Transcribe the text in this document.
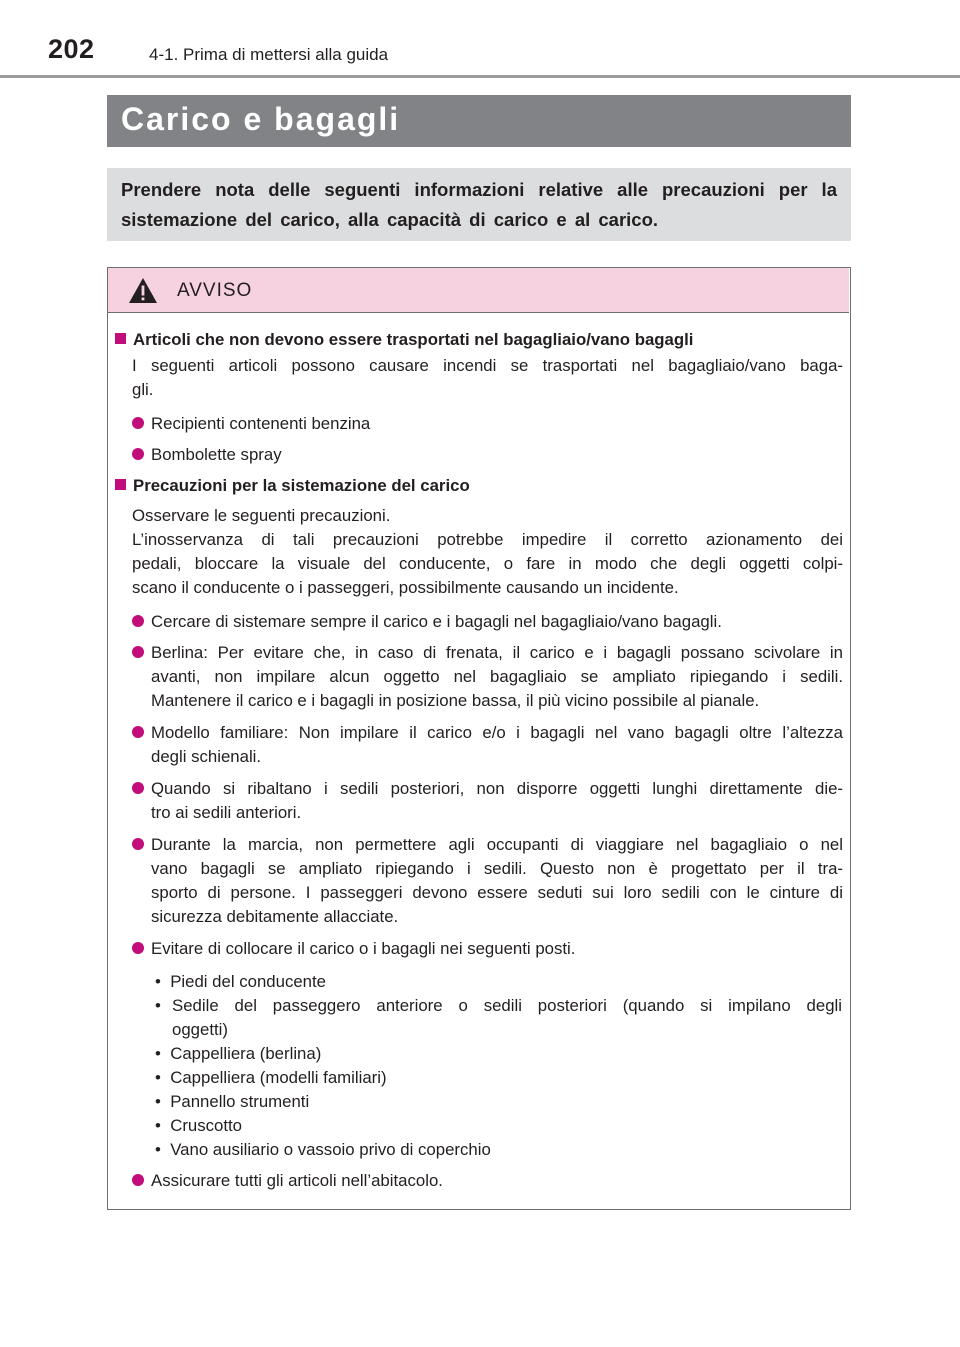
202	4-1. Prima di mettersi alla guida
Carico e bagagli
Prendere nota delle seguenti informazioni relative alle precauzioni per la sistemazione del carico, alla capacità di carico e al carico.
AVVISO
Articoli che non devono essere trasportati nel bagagliaio/vano bagagli
I seguenti articoli possono causare incendi se trasportati nel bagagliaio/vano baga-
gli.
Recipienti contenenti benzina
Bombolette spray
Precauzioni per la sistemazione del carico
Osservare le seguenti precauzioni.
L’inosservanza di tali precauzioni potrebbe impedire il corretto azionamento dei
pedali, bloccare la visuale del conducente, o fare in modo che degli oggetti colpi-
scano il conducente o i passeggeri, possibilmente causando un incidente.
Cercare di sistemare sempre il carico e i bagagli nel bagagliaio/vano bagagli.
Berlina: Per evitare che, in caso di frenata, il carico e i bagagli possano scivolare in
avanti, non impilare alcun oggetto nel bagagliaio se ampliato ripiegando i sedili.
Mantenere il carico e i bagagli in posizione bassa, il più vicino possibile al pianale.
Modello familiare: Non impilare il carico e/o i bagagli nel vano bagagli oltre l’altezza
degli schienali.
Quando si ribaltano i sedili posteriori, non disporre oggetti lunghi direttamente die-
tro ai sedili anteriori.
Durante la marcia, non permettere agli occupanti di viaggiare nel bagagliaio o nel
vano bagagli se ampliato ripiegando i sedili. Questo non è progettato per il tra-
sporto di persone. I passeggeri devono essere seduti sui loro sedili con le cinture di
sicurezza debitamente allacciate.
Evitare di collocare il carico o i bagagli nei seguenti posti.
•  Piedi del conducente
• Sedile del passeggero anteriore o sedili posteriori (quando si impilano degli
oggetti)
•  Cappelliera (berlina)
•  Cappelliera (modelli familiari)
•  Pannello strumenti
•  Cruscotto
•  Vano ausiliario o vassoio privo di coperchio
Assicurare tutti gli articoli nell’abitacolo.
